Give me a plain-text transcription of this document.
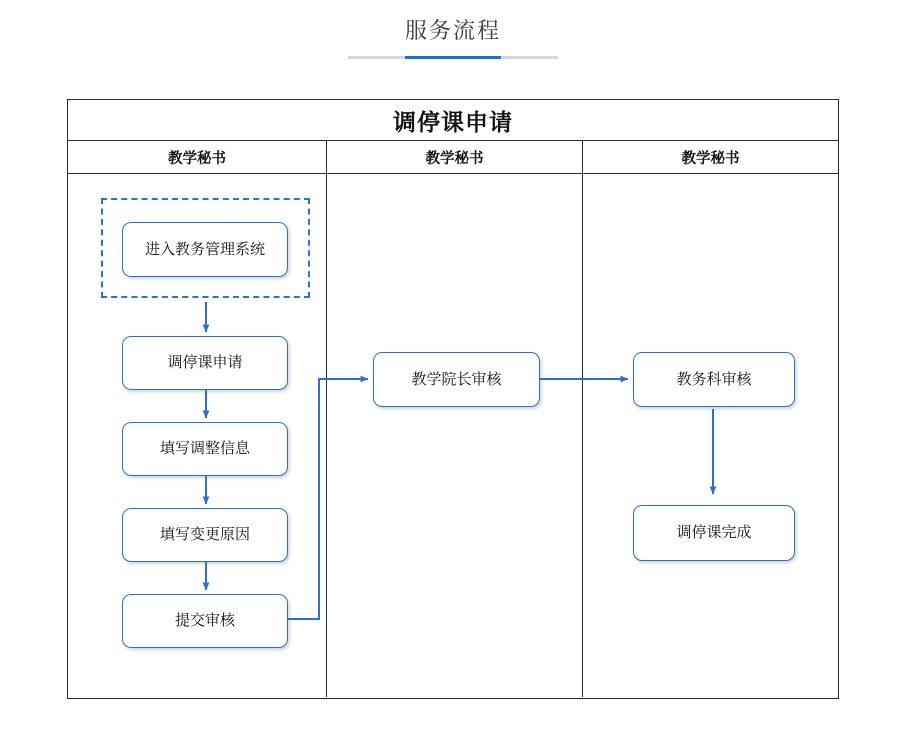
服务流程
调停课申请
教学秘书	教学秘书	教学秘书
进入教务管理系统
调停课申请
填写调整信息
填写变更原因
提交审核
教学院长审核	教务科审核
调停课完成
